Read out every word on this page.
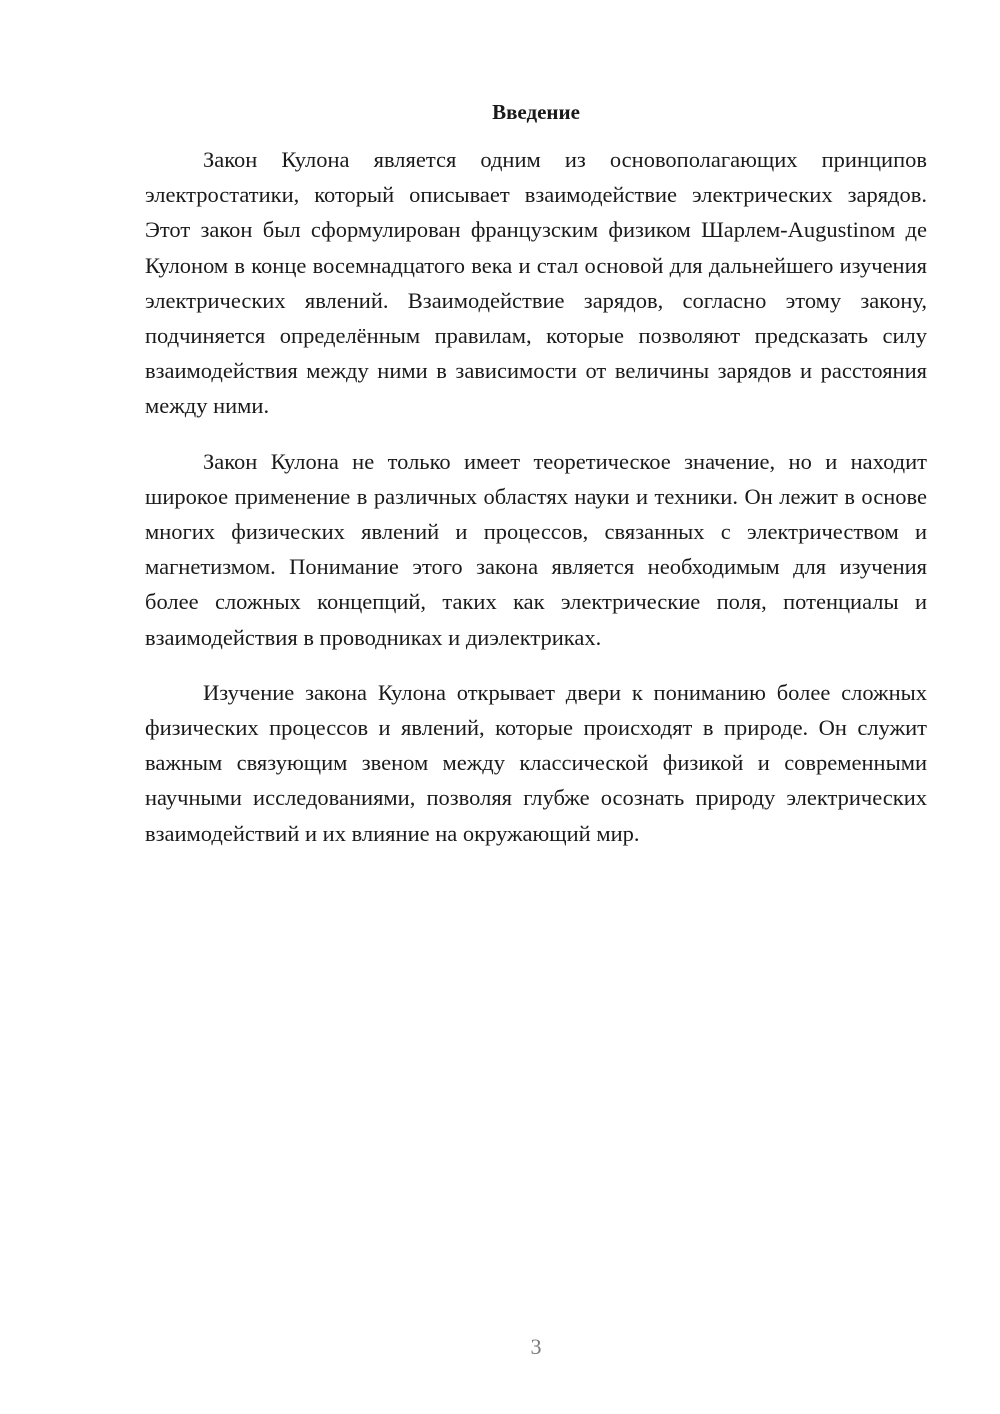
Введение

Закон Кулона является одним из основополагающих принципов электростатики, который описывает взаимодействие электрических зарядов. Этот закон был сформулирован французским физиком Шарлем-Augustinом де Кулоном в конце восемнадцатого века и стал основой для дальнейшего изучения электрических явлений. Взаимодействие зарядов, согласно этому закону, подчиняется определённым правилам, которые позволяют предсказать силу взаимодействия между ними в зависимости от величины зарядов и расстояния между ними.

Закон Кулона не только имеет теоретическое значение, но и находит широкое применение в различных областях науки и техники. Он лежит в основе многих физических явлений и процессов, связанных с электричеством и магнетизмом. Понимание этого закона является необходимым для изучения более сложных концепций, таких как электрические поля, потенциалы и взаимодействия в проводниках и диэлектриках.

Изучение закона Кулона открывает двери к пониманию более сложных физических процессов и явлений, которые происходят в природе. Он служит важным связующим звеном между классической физикой и современными научными исследованиями, позволяя глубже осознать природу электрических взаимодействий и их влияние на окружающий мир.

3
